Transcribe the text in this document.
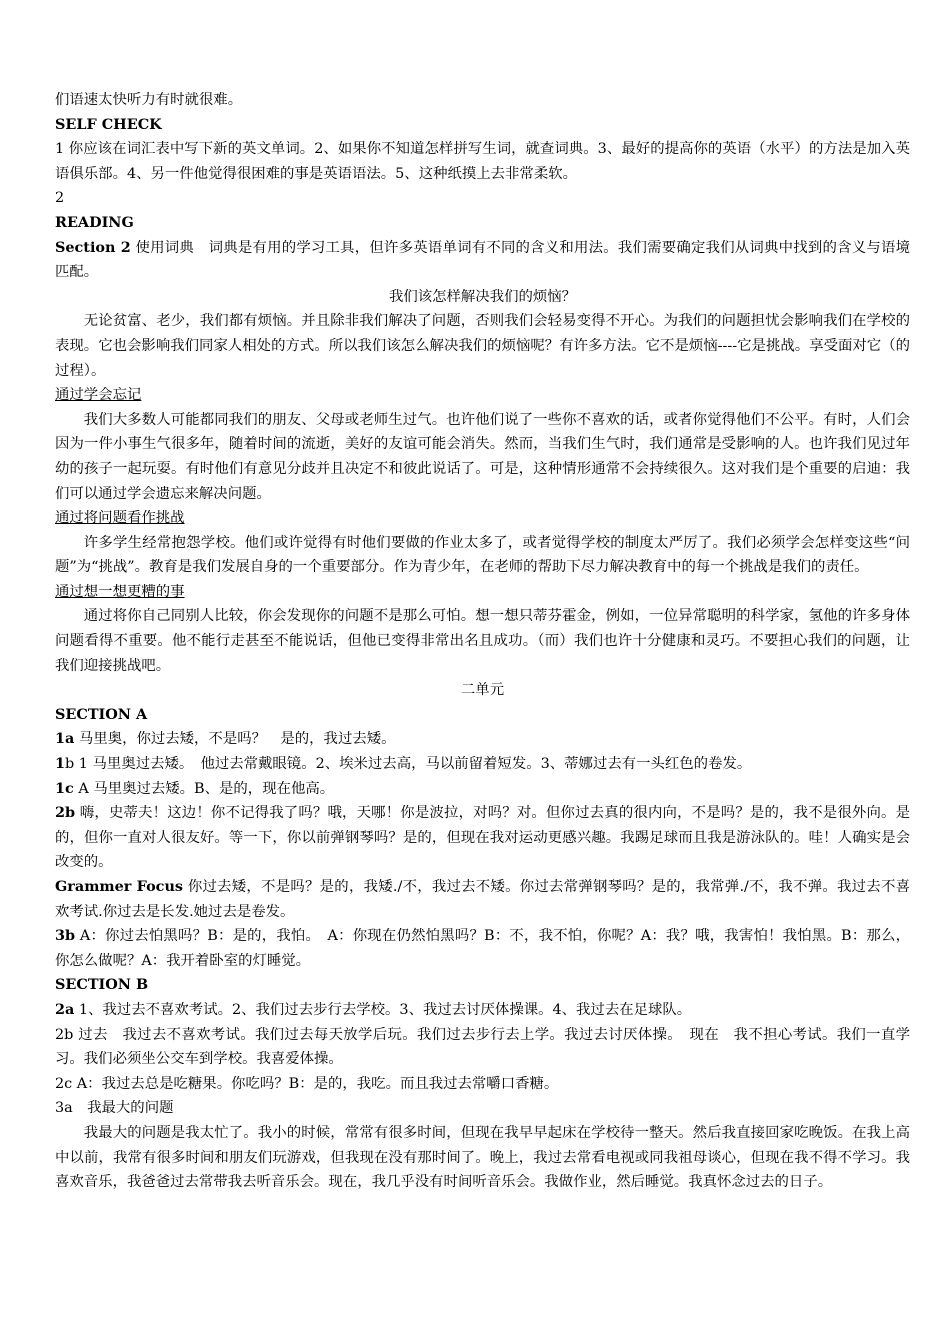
们语速太快听力有时就很难。

SELF CHECK

1 你应该在词汇表中写下新的英文单词。2、如果你不知道怎样拼写生词，就查词典。3、最好的提高你的英语（水平）的方法是加入英语俱乐部。4、另一件他觉得很困难的事是英语语法。5、这种纸摸上去非常柔软。

2

READING

Section 2 使用词典　词典是有用的学习工具，但许多英语单词有不同的含义和用法。我们需要确定我们从词典中找到的含义与语境匹配。

我们该怎样解决我们的烦恼？

无论贫富、老少，我们都有烦恼。并且除非我们解决了问题，否则我们会轻易变得不开心。为我们的问题担忧会影响我们在学校的表现。它也会影响我们同家人相处的方式。所以我们该怎么解决我们的烦恼呢？有许多方法。它不是烦恼----它是挑战。享受面对它（的过程）。

通过学会忘记

我们大多数人可能都同我们的朋友、父母或老师生过气。也许他们说了一些你不喜欢的话，或者你觉得他们不公平。有时，人们会因为一件小事生气很多年，随着时间的流逝，美好的友谊可能会消失。然而，当我们生气时，我们通常是受影响的人。也许我们见过年幼的孩子一起玩耍。有时他们有意见分歧并且决定不和彼此说话了。可是，这种情形通常不会持续很久。这对我们是个重要的启迪：我们可以通过学会遗忘来解决问题。

通过将问题看作挑战

许多学生经常抱怨学校。他们或许觉得有时他们要做的作业太多了，或者觉得学校的制度太严厉了。我们必须学会怎样变这些“问题”为“挑战”。教育是我们发展自身的一个重要部分。作为青少年，在老师的帮助下尽力解决教育中的每一个挑战是我们的责任。

通过想一想更糟的事

通过将你自己同别人比较，你会发现你的问题不是那么可怕。想一想只蒂芬霍金，例如，一位异常聪明的科学家，氢他的许多身体问题看得不重要。他不能行走甚至不能说话，但他已变得非常出名且成功。（而）我们也许十分健康和灵巧。不要担心我们的问题，让我们迎接挑战吧。

二单元

SECTION A

1a 马里奥，你过去矮，不是吗？　是的，我过去矮。

1b 1 马里奥过去矮。　他过去常戴眼镜。2、埃米过去高，马以前留着短发。3、蒂娜过去有一头红色的卷发。

1c A 马里奥过去矮。B、是的，现在他高。

2b 嗨，史蒂夫！这边！你不记得我了吗？哦，天哪！你是波拉，对吗？对。但你过去真的很内向，不是吗？是的，我不是很外向。是的，但你一直对人很友好。等一下，你以前弹钢琴吗？是的，但现在我对运动更感兴趣。我踢足球而且我是游泳队的。哇！人确实是会改变的。

Grammer Focus 你过去矮，不是吗？是的，我矮./不，我过去不矮。你过去常弹钢琴吗？是的，我常弹./不，我不弹。我过去不喜欢考试.你过去是长发.她过去是卷发。

3b A：你过去怕黑吗？B：是的，我怕。　A：你现在仍然怕黑吗？B：不，我不怕，你呢？A：我？哦，我害怕！我怕黑。B：那么，你怎么做呢？A：我开着卧室的灯睡觉。

SECTION B

2a 1、我过去不喜欢考试。2、我们过去步行去学校。3、我过去讨厌体操课。4、我过去在足球队。

2b 过去　我过去不喜欢考试。我们过去每天放学后玩。我们过去步行去上学。我过去讨厌体操。　现在　我不担心考试。我们一直学习。我们必须坐公交车到学校。我喜爱体操。

2c A：我过去总是吃糖果。你吃吗？B：是的，我吃。而且我过去常嚼口香糖。

3a　我最大的问题

我最大的问题是我太忙了。我小的时候，常常有很多时间，但现在我早早起床在学校待一整天。然后我直接回家吃晚饭。在我上高中以前，我常有很多时间和朋友们玩游戏，但我现在没有那时间了。晚上，我过去常看电视或同我祖母谈心，但现在我不得不学习。我喜欢音乐，我爸爸过去常带我去听音乐会。现在，我几乎没有时间听音乐会。我做作业，然后睡觉。我真怀念过去的日子。
